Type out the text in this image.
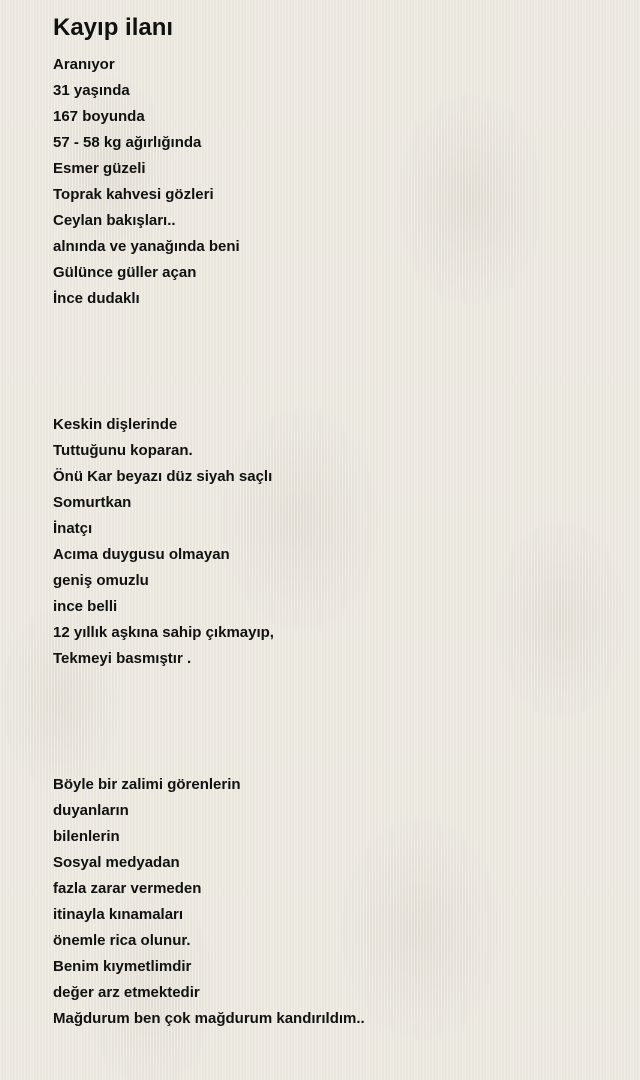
Kayıp ilanı
Aranıyor
31 yaşında
167 boyunda
57 - 58 kg ağırlığında
Esmer güzeli
Toprak kahvesi gözleri
Ceylan bakışları..
alnında ve yanağında beni
Gülünce güller açan
İnce dudaklı
Keskin dişlerinde
Tuttuğunu koparan.
Önü Kar beyazı düz siyah saçlı
Somurtkan
İnatçı
Acıma duygusu olmayan
geniş omuzlu
ince belli
12 yıllık aşkına sahip çıkmayıp,
Tekmeyi basmıştır .
Böyle bir zalimi görenlerin
duyanların
bilenlerin
Sosyal medyadan
fazla zarar vermeden
itinayla kınamaları
önemle rica olunur.
Benim kıymetlimdir
değer arz etmektedir
Mağdurum ben çok mağdurum kandırıldım..
